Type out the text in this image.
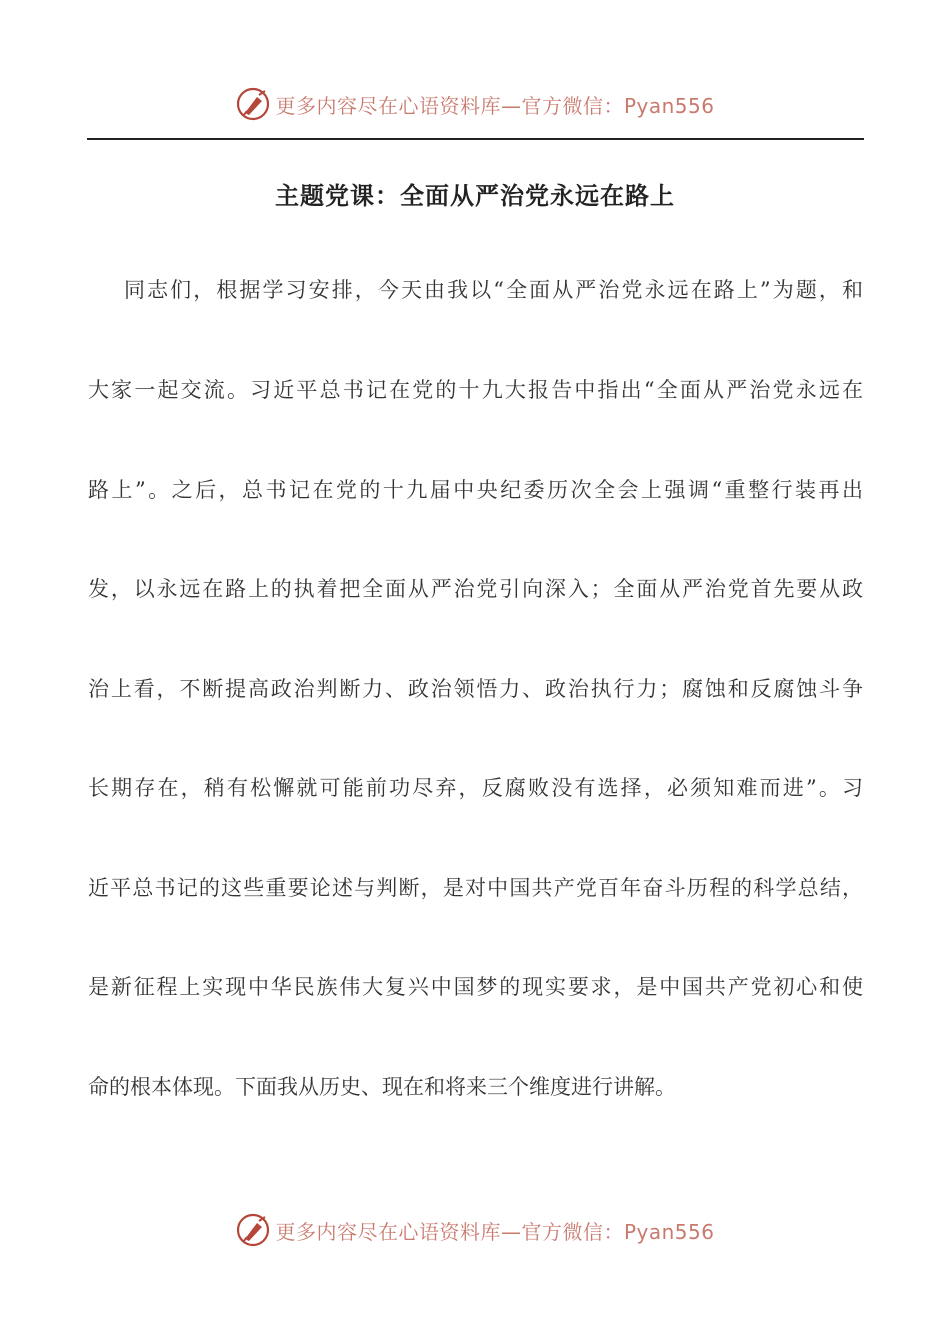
更多内容尽在心语资料库—官方微信：Pyan556
主题党课：全面从严治党永远在路上
同志们，根据学习安排，今天由我以“全面从严治党永远在路上”为题，和
大家一起交流。习近平总书记在党的十九大报告中指出“全面从严治党永远在
路上”。之后，总书记在党的十九届中央纪委历次全会上强调“重整行装再出
发，以永远在路上的执着把全面从严治党引向深入；全面从严治党首先要从政
治上看，不断提高政治判断力、政治领悟力、政治执行力；腐蚀和反腐蚀斗争
长期存在，稍有松懈就可能前功尽弃，反腐败没有选择，必须知难而进”。习
近平总书记的这些重要论述与判断，是对中国共产党百年奋斗历程的科学总结，
是新征程上实现中华民族伟大复兴中国梦的现实要求，是中国共产党初心和使
命的根本体现。下面我从历史、现在和将来三个维度进行讲解。
更多内容尽在心语资料库—官方微信：Pyan556
